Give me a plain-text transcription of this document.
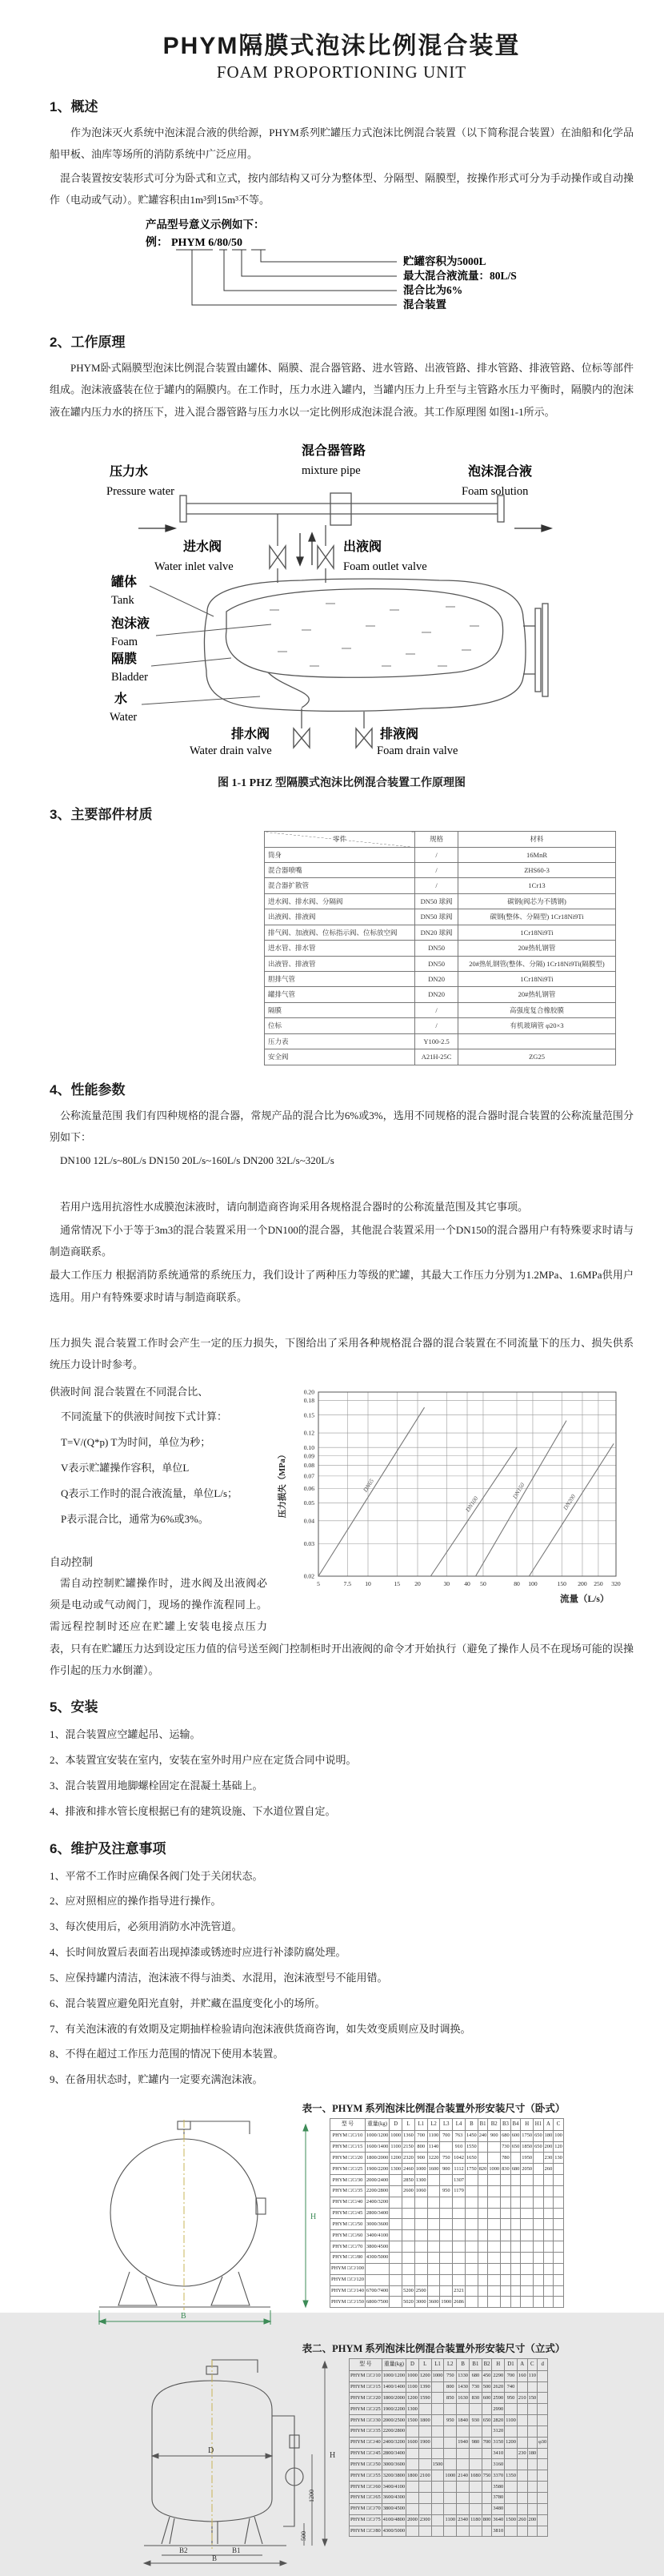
PHYM隔膜式泡沫比例混合装置
FOAM PROPORTIONING UNIT
1、概述

作为泡沫灭火系统中泡沫混合液的供给源，PHYM系列贮罐压力式泡沫比例混合装置（以下简称混合装置）在油船和化学品船甲板、油库等场所的消防系统中广泛应用。

混合装置按安装形式可分为卧式和立式，按内部结构又可分为整体型、分隔型、隔膜型，按操作形式可分为手动操作或自动操作（电动或气动）。贮罐容积由1m³到15m³不等。

产品型号意义示例如下：
例： PHYM 6/80/50
贮罐容积为5000L
最大混合液流量：80L/S
混合比为6%
混合装置
2、工作原理

PHYM卧式隔膜型泡沫比例混合装置由罐体、隔膜、混合器管路、进水管路、出液管路、排水管路、排液管路、位标等部件组成。泡沫液盛装在位于罐内的隔膜内。在工作时，压力水进入罐内，当罐内压力上升至与主管路水压力平衡时，隔膜内的泡沫液在罐内压力水的挤压下，进入混合器管路与压力水以一定比例形成泡沫混合液。其工作原理图 如图1-1所示。

压力水
Pressure water
混合器管路
mixture pipe	泡沫混合液
Foam solution
进水阀
Water inlet valve
出液阀
Foam outlet valve
罐体
Tank
泡沫液
Foam
隔膜
Bladder
水
Water
排水阀
Water drain valve
排液阀
Foam drain valve
图 1-1 PHZ 型隔膜式泡沫比例混合装置工作原理图
3、主要部件材质
零件	规格	材料
筒身	/	16MnR
混合器喷嘴	/	ZHS60-3
混合器扩散管	/	1Cr13
进水阀、排水阀、分隔阀	DN50 球阀	碳钢(阀芯为不锈钢)
出液阀、排液阀	DN50 球阀	碳钢(整体、分隔型) 1Cr18Ni9Ti
排气阀、加液阀、位标指示阀、位标放空阀	DN20 球阀	1Cr18Ni9Ti
进水管、排水管	DN50	20#热轧钢管
出液管、排液管	DN50	20#热轧钢管(整体、分隔) 1Cr18Ni9Ti(隔膜型)
胆排气管	DN20	1Cr18Ni9Ti
罐排气管	DN20	20#热轧钢管
隔膜	/	高强度复合橡胶膜
位标	/	有机玻璃管 φ20×3
压力表	Y100-2.5	
安全阀	A21H-25C	ZG25
4、性能参数

公称流量范围 我们有四种规格的混合器，常规产品的混合比为6%或3%，选用不同规格的混合器时混合装置的公称流量范围分别如下：

DN100 12L/s~80L/s DN150 20L/s~160L/s DN200 32L/s~320L/s

若用户选用抗溶性水成膜泡沫液时，请向制造商咨询采用各规格混合器时的公称流量范围及其它事项。

通常情况下小于等于3m3的混合装置采用一个DN100的混合器，其他混合装置采用一个DN150的混合器用户有特殊要求时请与制造商联系。

最大工作压力 根据消防系统通常的系统压力，我们设计了两种压力等级的贮罐，其最大工作压力分别为1.2MPa、1.6MPa供用户选用。用户有特殊要求时请与制造商联系。

压力损失 混合装置工作时会产生一定的压力损失，下图给出了采用各种规格混合器的混合装置在不同流量下的压力、损失供系统压力设计时参考。

0.02
0.03
0.04
0.05
0.06
0.07
0.08
0.09
0.10
0.12
0.15
0.18
0.20
5	7.5 10	15 20	30 40 50	80 100	150 200 250 320
DN65
DN100
DN150
DN200
压力损失（MPa）
流量（L/s）
供液时间 混合装置在不同混合比、
不同流量下的供液时间按下式计算：
T=V/(Q*p) T为时间，单位为秒；
V表示贮罐操作容积，单位L
Q表示工作时的混合液流量，单位L/s；
P表示混合比，通常为6%或3%。
自动控制

需自动控制贮罐操作时，进水阀及出液阀必须是电动或气动阀门，现场的操作流程同上。需远程控制时还应在贮罐上安装电接点压力表，只有在贮罐压力达到设定压力值的信号送至阀门控制柜时开出液阀的命令才开始执行（避免了操作人员不在现场可能的误操作引起的压力水倒灌）。

5、安装
1、混合装置应空罐起吊、运输。
2、本装置宜安装在室内，安装在室外时用户应在定货合同中说明。
3、混合装置用地脚螺栓固定在混凝土基础上。
4、排液和排水管长度根据已有的建筑设施、下水道位置自定。
6、维护及注意事项
1、平常不工作时应确保各阀门处于关闭状态。
2、应对照相应的操作指导进行操作。
3、每次使用后，必须用消防水冲洗管道。
4、长时间放置后表面若出现掉漆或锈迹时应进行补漆防腐处理。
5、应保持罐内清洁，泡沫液不得与油类、水混用，泡沫液型号不能用错。
6、混合装置应避免阳光直射，并贮藏在温度变化小的场所。
7、有关泡沫液的有效期及定期抽样检验请向泡沫液供货商咨询，如失效变质则应及时调换。
8、不得在超过工作压力范围的情况下使用本装置。
9、在备用状态时，贮罐内一定要充满泡沫液。
表一、PHYM 系列泡沫比例混合装置外形安装尺寸（卧式）
B
H
型 号	重量(kg)	D	L	L1	L2	L3	L4	B	B1	B2	B3	B4	H	H1	A	C
PHYM □/□/10	1000/1200	1000	1360	700	1100	700	763	1450	240	900	680	600	1750	650	180	100
PHYM □/□/15	1600/1400	1100	2150	800	1140		910	1550			730	650	1850	650	200	120
PHYM □/□/20	1800/2000	1200	2320	900	1220	750	1042	1650			780		1950		230	130
PHYM □/□/25	1900/2200	1300	2460	1000	1600	900	1112	1750	820	1000	830	680	2050		260	
PHYM □/□/30	2000/2400		2850	1300			1307									
PHYM □/□/35	2200/2800		2600	1060		950	1179									
PHYM □/□/40	2400/3200															
PHYM □/□/45	2800/3400															
PHYM □/□/50	3000/3600															
PHYM □/□/60	3400/4100															
PHYM □/□/70	3800/4500															
PHYM □/□/80	4300/5000															
PHYM □/□/100																
PHYM □/□/120																
PHYM □/□/140	6700/7400		5200	2500			2321									
PHYM □/□/150	6800/7500		5020	3000	3600	1900	2686									
表二、PHYM 系列泡沫比例混合装置外形安装尺寸（立式）
D
H
1200
500
B2	B1
B
型 号	重量(kg)	D	L	L1	L2	B	B1	B2	H	D1	A	C	d
PHYM □/□/10	1000/1200	1000	1200	1000	750	1330	680	450	2290	700	160	110	
PHYM □/□/15	1400/1400	1100	1390		800	1430	730	500	2620	740			
PHYM □/□/20	1800/2000	1200	1590		850	1630	830	600	2590	950	210	150	
PHYM □/□/25	1900/2200	1300							2990				
PHYM □/□/30	2000/2500	1500	1800		950	1840	930	650	2820	1100			
PHYM □/□/35	2200/2800								3120				
PHYM □/□/40	2400/3200	1600	1900			1940	980	700	3150	1200			φ30
PHYM □/□/45	2800/3400								3410		230	180	
PHYM □/□/50	3000/3600			1500					3160				
PHYM □/□/55	3200/3800	1800	2100		1000	2140	1080	750	3370	1350			
PHYM □/□/60	3400/4100								3580				
PHYM □/□/65	3600/4300								3780				
PHYM □/□/70	3800/4500								3480				
PHYM □/□/75	4100/4800	2000	2300		1100	2340	1180	800	3640	1500	260	200	
PHYM □/□/80	4300/5000								3810				
